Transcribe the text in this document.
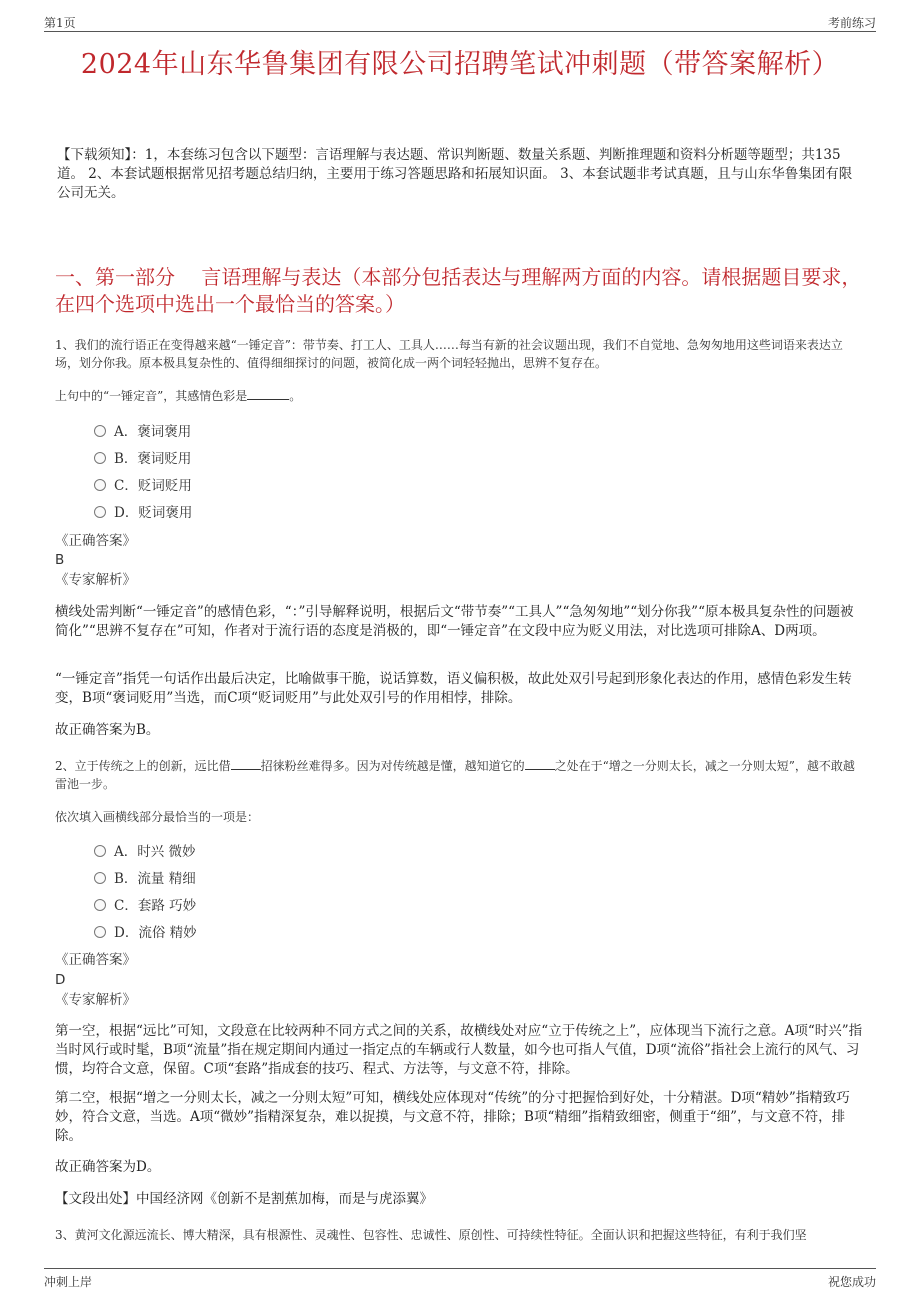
第1页	考前练习
2024年山东华鲁集团有限公司招聘笔试冲刺题（带答案解析）
【下载须知】：1，本套练习包含以下题型：言语理解与表达题、常识判断题、数量关系题、判断推理题和资料分析题等题型；共135道。 2、本套试题根据常见招考题总结归纳，主要用于练习答题思路和拓展知识面。 3、本套试题非考试真题，且与山东华鲁集团有限公司无关。
一、第一部分　 言语理解与表达（本部分包括表达与理解两方面的内容。请根据题目要求，在四个选项中选出一个最恰当的答案。）
1、我们的流行语正在变得越来越“一锤定音”：带节奏、打工人、工具人……每当有新的社会议题出现，我们不自觉地、急匆匆地用这些词语来表达立场，划分你我。原本极具复杂性的、值得细细探讨的问题，被简化成一两个词轻轻抛出，思辨不复存在。
上句中的“一锤定音”，其感情色彩是	。
A．褒词褒用
B．褒词贬用
C．贬词贬用
D．贬词褒用
《正确答案》
B
《专家解析》
横线处需判断“一锤定音”的感情色彩，“：”引导解释说明，根据后文“带节奏”“工具人”“急匆匆地”“划分你我”“原本极具复杂性的问题被简化”“思辨不复存在”可知，作者对于流行语的态度是消极的，即“一锤定音”在文段中应为贬义用法，对比选项可排除A、D两项。
“一锤定音”指凭一句话作出最后决定，比喻做事干脆，说话算数，语义偏积极，故此处双引号起到形象化表达的作用，感情色彩发生转变，B项“褒词贬用”当选，而C项“贬词贬用”与此处双引号的作用相悖，排除。
故正确答案为B。
2、立于传统之上的创新，远比借	招徕粉丝难得多。因为对传统越是懂，越知道它的	之处在于“增之一分则太长，减之一分则太短”，越不敢越雷池一步。
依次填入画横线部分最恰当的一项是：
A．时兴 微妙
B．流量 精细
C．套路 巧妙
D．流俗 精妙
《正确答案》
D
《专家解析》
第一空，根据“远比”可知，文段意在比较两种不同方式之间的关系，故横线处对应“立于传统之上”，应体现当下流行之意。A项“时兴”指当时风行或时髦，B项“流量”指在规定期间内通过一指定点的车辆或行人数量，如今也可指人气值，D项“流俗”指社会上流行的风气、习惯，均符合文意，保留。C项“套路”指成套的技巧、程式、方法等，与文意不符，排除。
第二空，根据“增之一分则太长，减之一分则太短”可知，横线处应体现对“传统”的分寸把握恰到好处，十分精湛。D项“精妙”指精致巧妙，符合文意，当选。A项“微妙”指精深复杂，难以捉摸，与文意不符，排除；B项“精细”指精致细密，侧重于“细”，与文意不符，排除。
故正确答案为D。
【文段出处】中国经济网《创新不是割蕉加梅，而是与虎添翼》
3、黄河文化源远流长、博大精深，具有根源性、灵魂性、包容性、忠诚性、原创性、可持续性特征。全面认识和把握这些特征，有利于我们坚
冲刺上岸	祝您成功
